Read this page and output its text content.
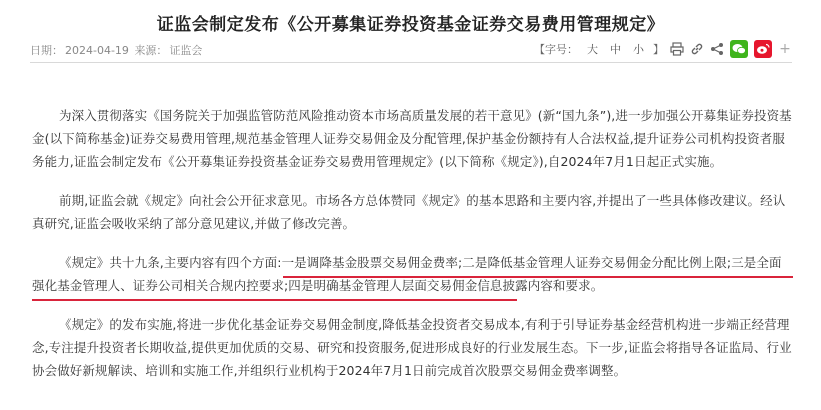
证监会制定发布《公开募集证券投资基金证券交易费用管理规定》
日期： 2024-04-19 来源： 证监会	【字号： 大 中 小 】	+

为深入贯彻落实《国务院关于加强监管防范风险推动资本市场高质量发展的若干意见》(新“国九条”),进一步加强公开募集证券投资基金(以下简称基金)证券交易费用管理,规范基金管理人证券交易佣金及分配管理,保护基金份额持有人合法权益,提升证券公司机构投资者服务能力,证监会制定发布《公开募集证券投资基金证券交易费用管理规定》(以下简称《规定》),自2024年7月1日起正式实施。

前期,证监会就《规定》向社会公开征求意见。市场各方总体赞同《规定》的基本思路和主要内容,并提出了一些具体修改建议。经认真研究,证监会吸收采纳了部分意见建议,并做了修改完善。

《规定》共十九条,主要内容有四个方面:一是调降基金股票交易佣金费率;二是降低基金管理人证券交易佣金分配比例上限;三是全面强化基金管理人、证券公司相关合规内控要求;四是明确基金管理人层面交易佣金信息披露内容和要求。

《规定》的发布实施,将进一步优化基金证券交易佣金制度,降低基金投资者交易成本,有利于引导证券基金经营机构进一步端正经营理念,专注提升投资者长期收益,提供更加优质的交易、研究和投资服务,促进形成良好的行业发展生态。下一步,证监会将指导各证监局、行业协会做好新规解读、培训和实施工作,并组织行业机构于2024年7月1日前完成首次股票交易佣金费率调整。
